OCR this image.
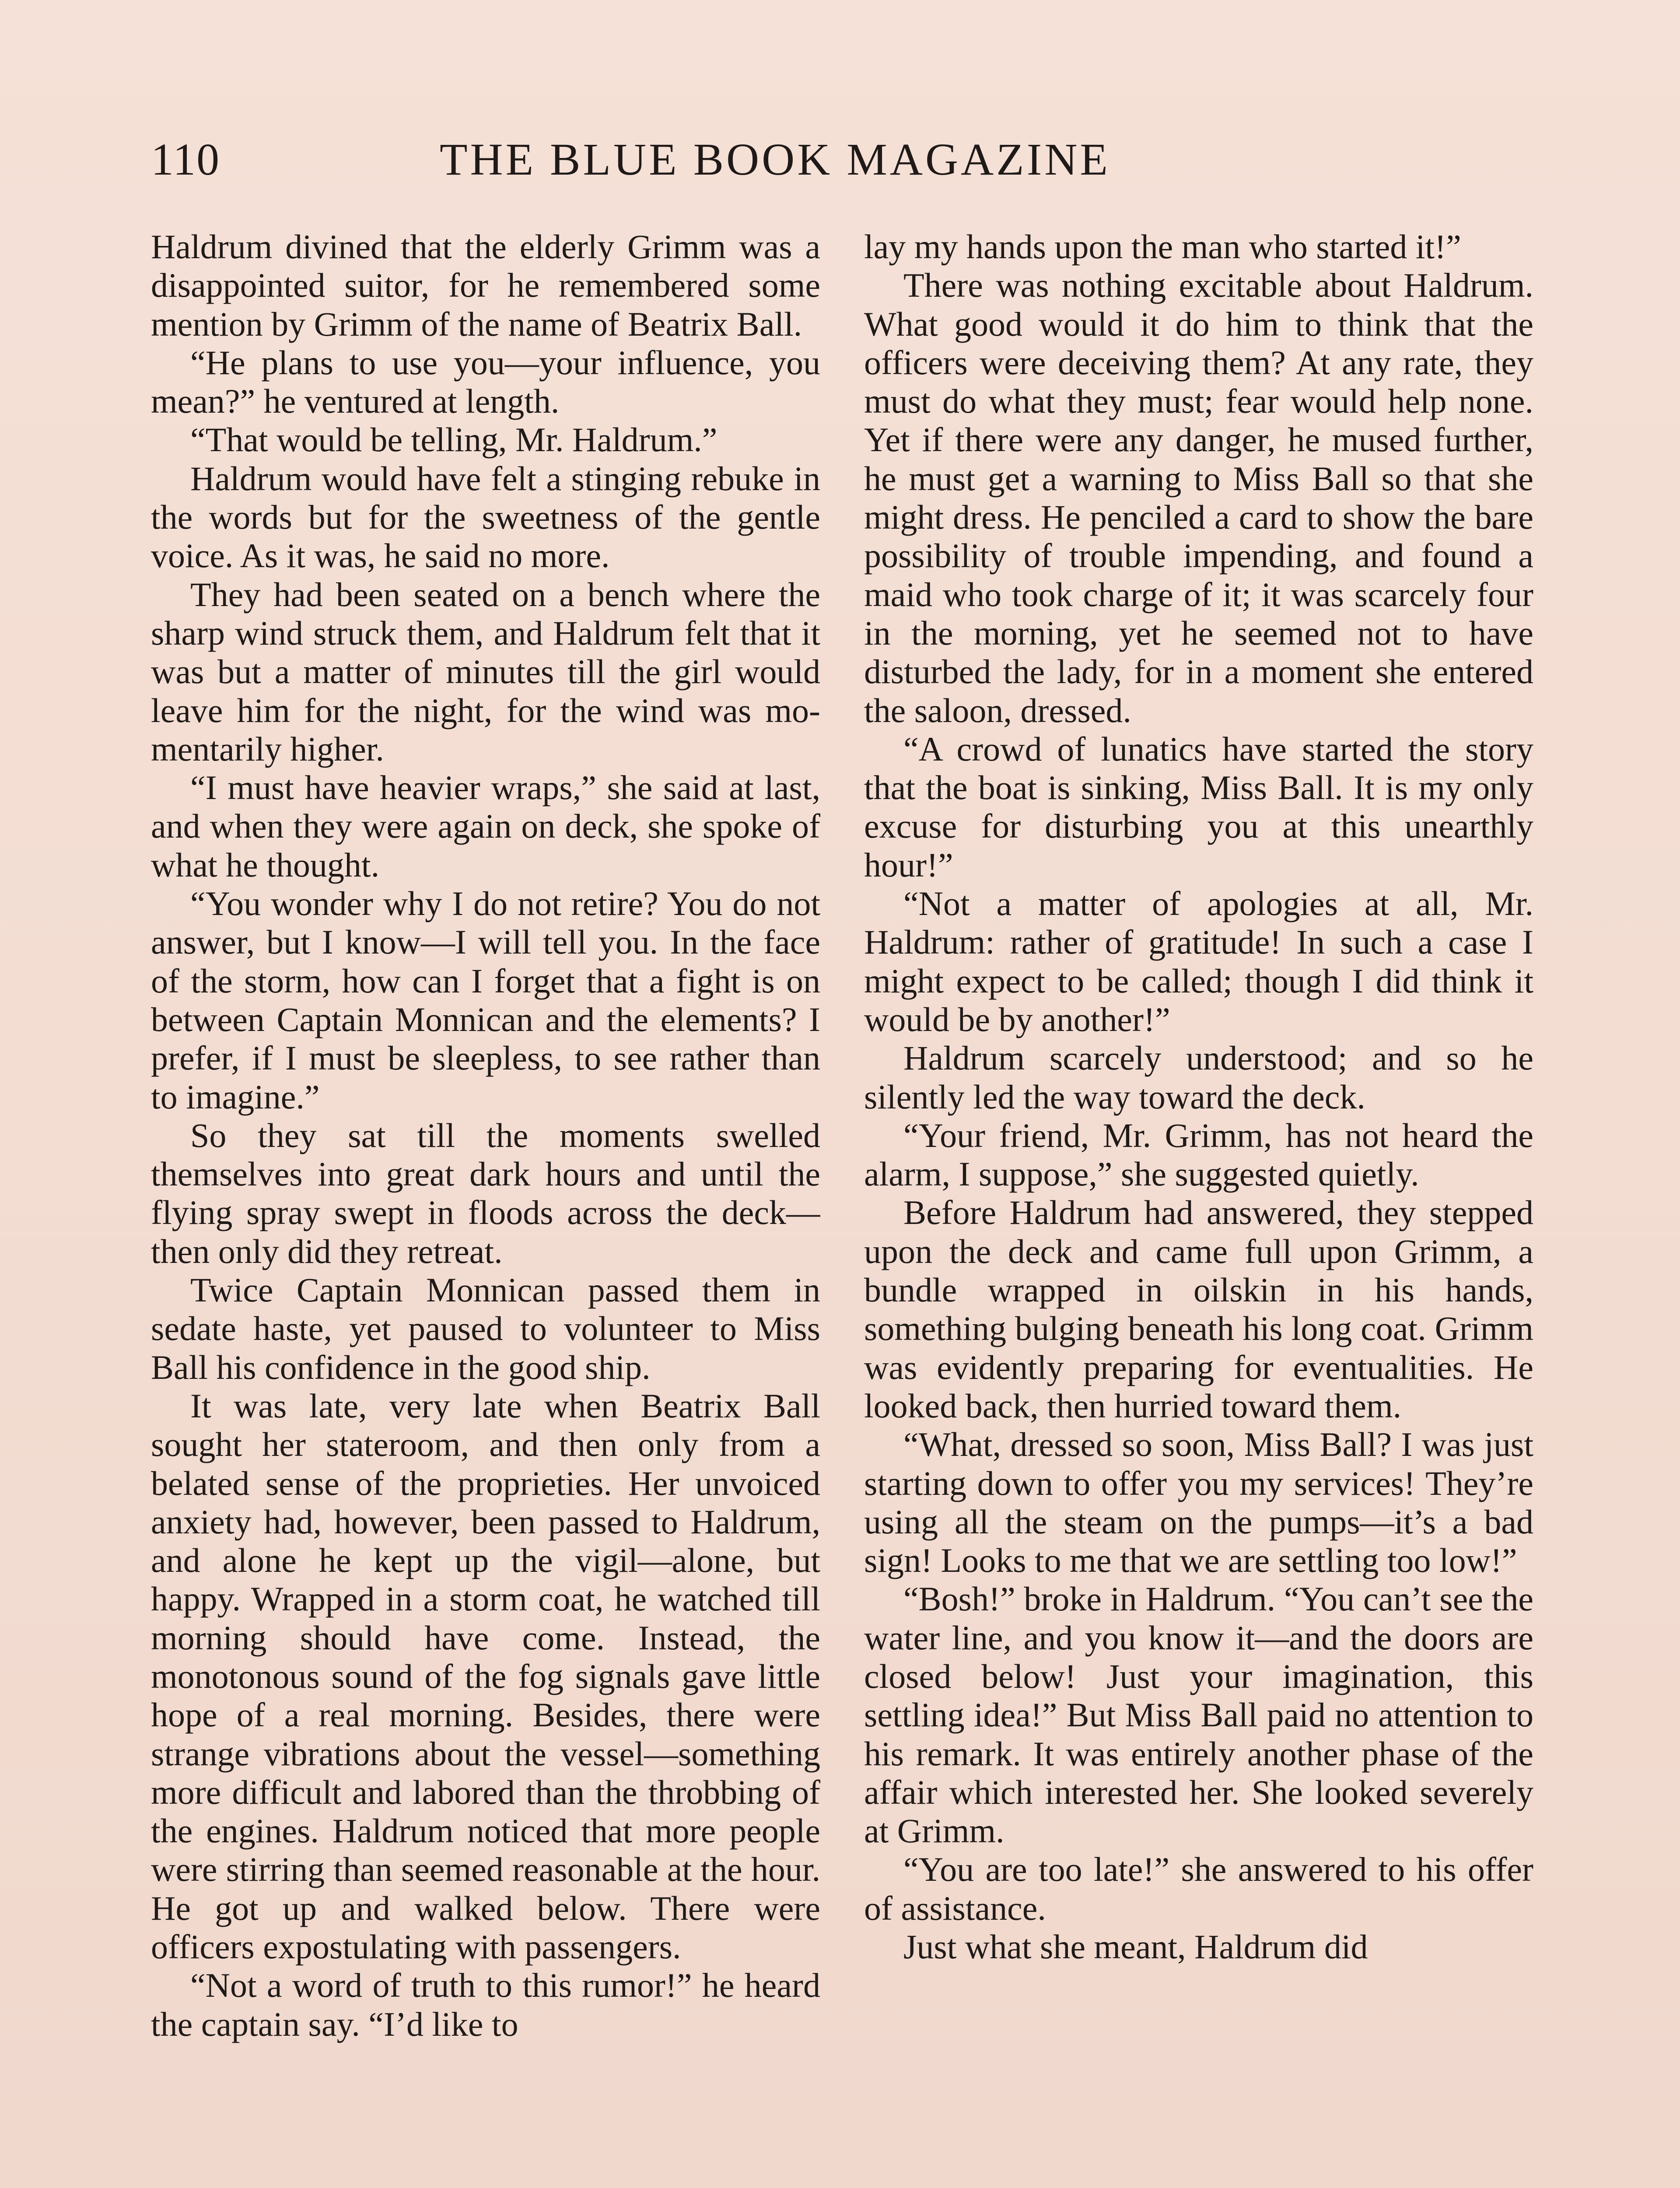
110	THE BLUE BOOK MAGAZINE

Haldrum divined that the elderly Grimm was a disappointed suitor, for he remembered some mention by Grimm of the name of Beatrix Ball.

“He plans to use you—your influence, you mean?” he ventured at length.

“That would be telling, Mr. Haldrum.”

Haldrum would have felt a stinging rebuke in the words but for the sweetness of the gentle voice. As it was, he said no more.

They had been seated on a bench where the sharp wind struck them, and Haldrum felt that it was but a matter of minutes till the girl would leave him for the night, for the wind was momentarily higher.

“I must have heavier wraps,” she said at last, and when they were again on deck, she spoke of what he thought.

“You wonder why I do not retire? You do not answer, but I know—I will tell you. In the face of the storm, how can I forget that a fight is on between Captain Monnican and the elements? I prefer, if I must be sleepless, to see rather than to imagine.”

So they sat till the moments swelled themselves into great dark hours and until the flying spray swept in floods across the deck—then only did they retreat.

Twice Captain Monnican passed them in sedate haste, yet paused to volunteer to Miss Ball his confidence in the good ship.

It was late, very late when Beatrix Ball sought her stateroom, and then only from a belated sense of the proprieties. Her unvoiced anxiety had, however, been passed to Haldrum, and alone he kept up the vigil—alone, but happy. Wrapped in a storm coat, he watched till morning should have come. Instead, the monotonous sound of the fog signals gave little hope of a real morning. Besides, there were strange vibrations about the vessel—something more difficult and labored than the throbbing of the engines. Haldrum noticed that more people were stirring than seemed reasonable at the hour. He got up and walked below. There were officers expostulating with passengers.

“Not a word of truth to this rumor!” he heard the captain say. “I’d like to

lay my hands upon the man who started it!”

There was nothing excitable about Haldrum. What good would it do him to think that the officers were deceiving them? At any rate, they must do what they must; fear would help none. Yet if there were any danger, he mused further, he must get a warning to Miss Ball so that she might dress. He penciled a card to show the bare possibility of trouble impending, and found a maid who took charge of it; it was scarcely four in the morning, yet he seemed not to have disturbed the lady, for in a moment she entered the saloon, dressed.

“A crowd of lunatics have started the story that the boat is sinking, Miss Ball. It is my only excuse for disturbing you at this unearthly hour!”

“Not a matter of apologies at all, Mr. Haldrum: rather of gratitude! In such a case I might expect to be called; though I did think it would be by another!”

Haldrum scarcely understood; and so he silently led the way toward the deck.

“Your friend, Mr. Grimm, has not heard the alarm, I suppose,” she suggested quietly.

Before Haldrum had answered, they stepped upon the deck and came full upon Grimm, a bundle wrapped in oilskin in his hands, something bulging beneath his long coat. Grimm was evidently preparing for eventualities. He looked back, then hurried toward them.

“What, dressed so soon, Miss Ball? I was just starting down to offer you my services! They’re using all the steam on the pumps—it’s a bad sign! Looks to me that we are settling too low!”

“Bosh!” broke in Haldrum. “You can’t see the water line, and you know it—and the doors are closed below! Just your imagination, this settling idea!” But Miss Ball paid no attention to his remark. It was entirely another phase of the affair which interested her. She looked severely at Grimm.

“You are too late!” she answered to his offer of assistance.

Just what she meant, Haldrum did
